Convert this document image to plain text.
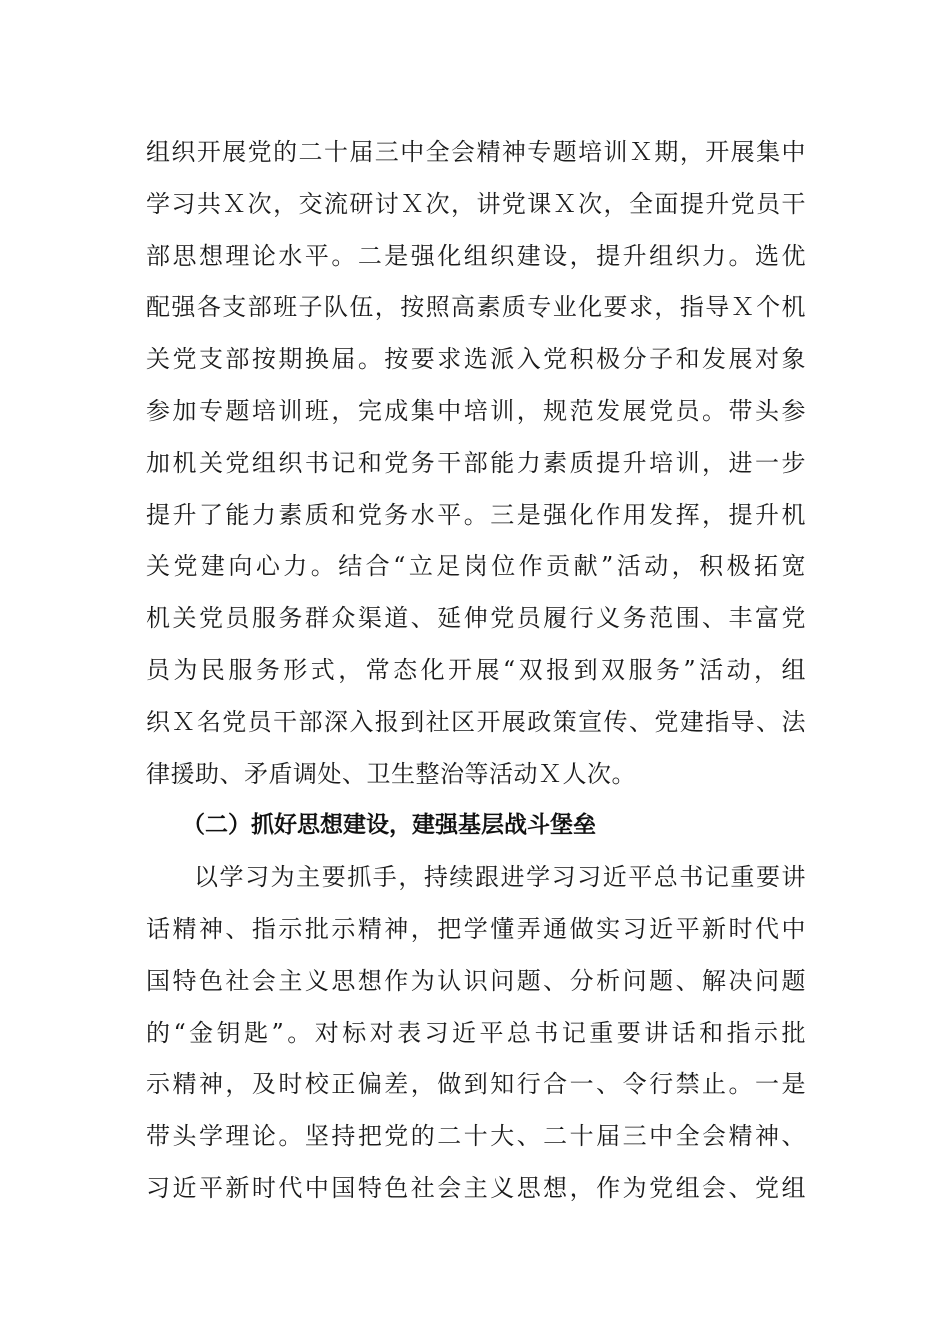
组织开展党的二十届三中全会精神专题培训Ｘ期，开展集中
学习共Ｘ次，交流研讨Ｘ次，讲党课Ｘ次，全面提升党员干
部思想理论水平。二是强化组织建设，提升组织力。选优
配强各支部班子队伍，按照高素质专业化要求，指导Ｘ个机
关党支部按期换届。按要求选派入党积极分子和发展对象
参加专题培训班，完成集中培训，规范发展党员。带头参
加机关党组织书记和党务干部能力素质提升培训，进一步
提升了能力素质和党务水平。三是强化作用发挥，提升机
关党建向心力。结合“立足岗位作贡献”活动，积极拓宽
机关党员服务群众渠道、延伸党员履行义务范围、丰富党
员为民服务形式，常态化开展“双报到双服务”活动，组
织Ｘ名党员干部深入报到社区开展政策宣传、党建指导、法
律援助、矛盾调处、卫生整治等活动Ｘ人次。
（二）抓好思想建设，建强基层战斗堡垒
以学习为主要抓手，持续跟进学习习近平总书记重要讲
话精神、指示批示精神，把学懂弄通做实习近平新时代中
国特色社会主义思想作为认识问题、分析问题、解决问题
的“金钥匙”。对标对表习近平总书记重要讲话和指示批
示精神，及时校正偏差，做到知行合一、令行禁止。一是
带头学理论。坚持把党的二十大、二十届三中全会精神、
习近平新时代中国特色社会主义思想，作为党组会、党组
